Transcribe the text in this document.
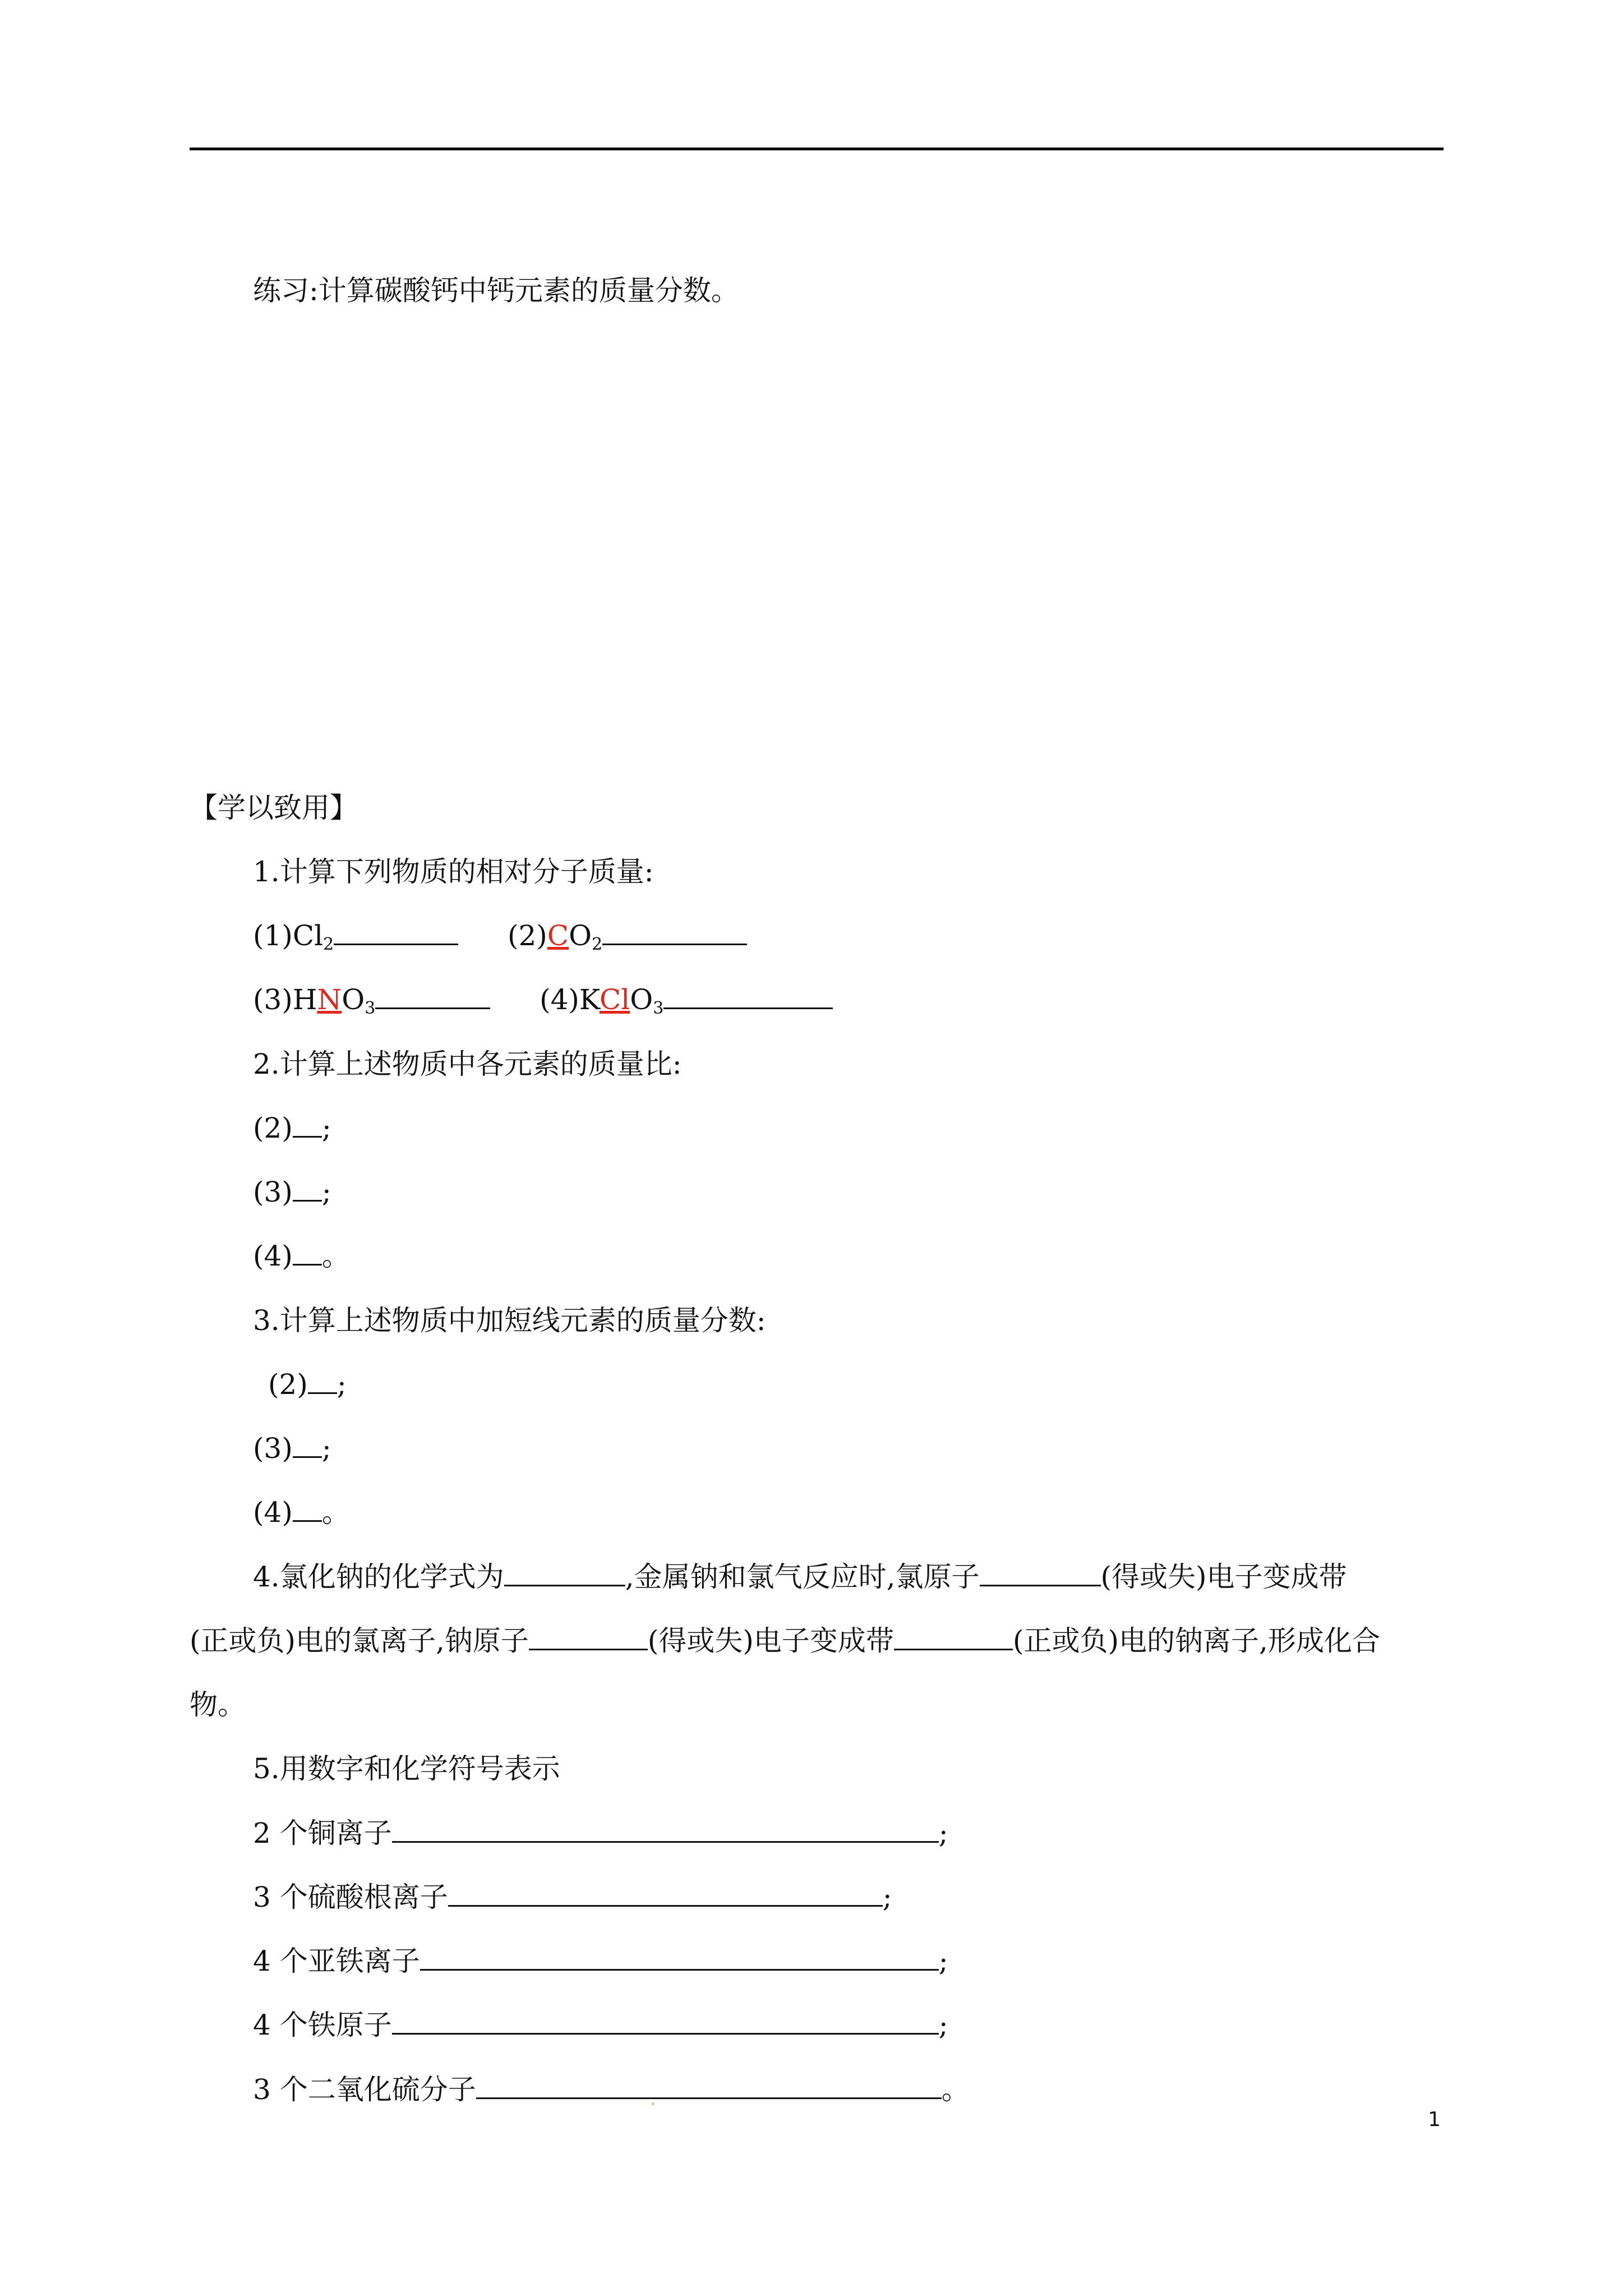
练习:计算碳酸钙中钙元素的质量分数。
【学以致用】
1.计算下列物质的相对分子质量:
$(1)Cl_2$	$(2)CO_2$
$(3)HNO_3$	(4)KClO$_3$
2.计算上述物质中各元素的质量比:
(2) ;
(3) ;
(4) 。
3.计算上述物质中加短线元素的质量分数:
(2) ;
(3) ;
(4) 。
4.氯化钠的化学式为	,金属钠和氯气反应时,氯原子	(得或失)电子变成带
(正或负)电的氯离子,钠原子	(得或失)电子变成带	(正或负)电的钠离子,形成化合
物。
5.用数字和化学符号表示
2 个铜离子	;
3 个硫酸根离子	;
4 个亚铁离子	;
4 个铁原子	;
3 个二氧化硫分子	。
1
